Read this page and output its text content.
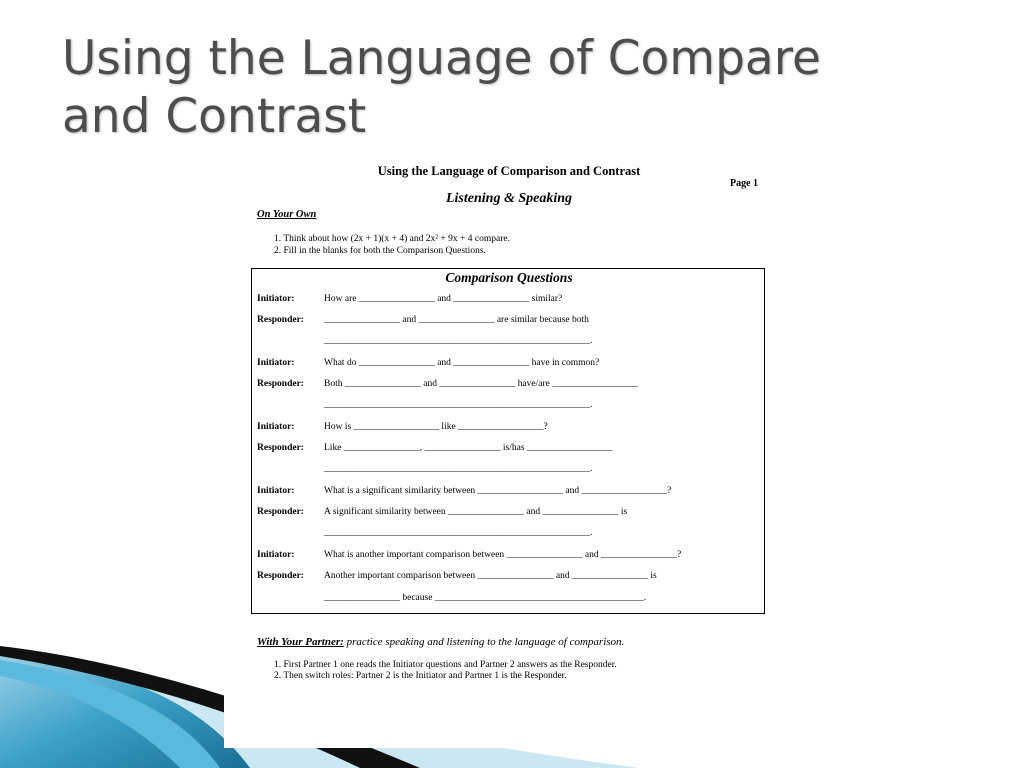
Using the Language of Compare
and Contrast
Using the Language of Comparison and Contrast
Page 1
Listening & Speaking
On Your Own
1. Think about how (2x + 1)(x + 4) and 2x² + 9x + 4 compare.
2. Fill in the blanks for both the Comparison Questions.
Comparison Questions
Initiator:	How are ________________ and ________________ similar?
Responder: ________________ and ________________ are similar because both
________________________________________________________.
Initiator:	What do ________________ and ________________ have in common?
Responder: Both ________________ and ________________ have/are __________________
________________________________________________________.
Initiator:	How is __________________ like __________________?
Responder: Like ________________, ________________ is/has __________________
________________________________________________________.
Initiator:	What is a significant similarity between __________________ and __________________?
Responder: A significant similarity between ________________ and ________________ is
________________________________________________________.
Initiator:	What is another important comparison between ________________ and ________________?
Responder: Another important comparison between ________________ and ________________ is
________________ because ____________________________________________.
With Your Partner: practice speaking and listening to the language of comparison.
1. First Partner 1 one reads the Initiator questions and Partner 2 answers as the Responder.
2. Then switch roles: Partner 2 is the Initiator and Partner 1 is the Responder.
